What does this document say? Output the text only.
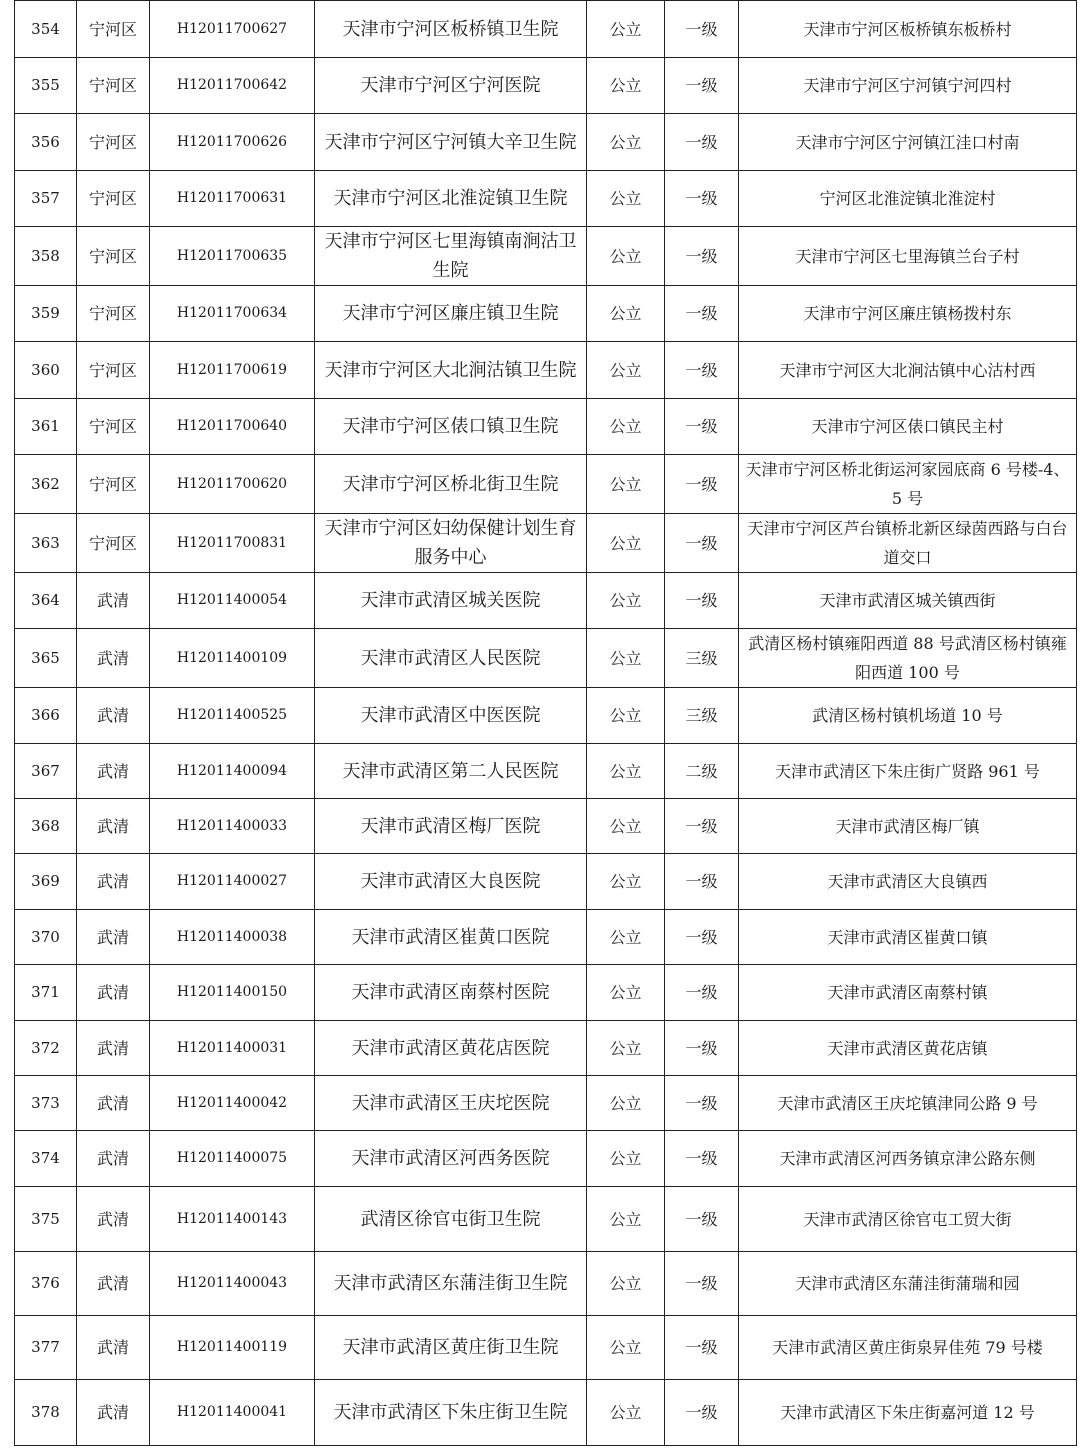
354	宁河区	H12011700627	天津市宁河区板桥镇卫生院	公立	一级	天津市宁河区板桥镇东板桥村
355	宁河区	H12011700642	天津市宁河区宁河医院	公立	一级	天津市宁河区宁河镇宁河四村
356	宁河区	H12011700626	天津市宁河区宁河镇大辛卫生院	公立	一级	天津市宁河区宁河镇江洼口村南
357	宁河区	H12011700631	天津市宁河区北淮淀镇卫生院	公立	一级	宁河区北淮淀镇北淮淀村
358	宁河区	H12011700635	天津市宁河区七里海镇南涧沽卫生院	公立	一级	天津市宁河区七里海镇兰台子村
359	宁河区	H12011700634	天津市宁河区廉庄镇卫生院	公立	一级	天津市宁河区廉庄镇杨拨村东
360	宁河区	H12011700619	天津市宁河区大北涧沽镇卫生院	公立	一级	天津市宁河区大北涧沽镇中心沽村西
361	宁河区	H12011700640	天津市宁河区俵口镇卫生院	公立	一级	天津市宁河区俵口镇民主村
362	宁河区	H12011700620	天津市宁河区桥北街卫生院	公立	一级	天津市宁河区桥北街运河家园底商 6 号楼-4、5 号
363	宁河区	H12011700831	天津市宁河区妇幼保健计划生育服务中心	公立	一级	天津市宁河区芦台镇桥北新区绿茵西路与白台道交口
364	武清	H12011400054	天津市武清区城关医院	公立	一级	天津市武清区城关镇西街
365	武清	H12011400109	天津市武清区人民医院	公立	三级	武清区杨村镇雍阳西道 88 号武清区杨村镇雍阳西道 100 号
366	武清	H12011400525	天津市武清区中医医院	公立	三级	武清区杨村镇机场道 10 号
367	武清	H12011400094	天津市武清区第二人民医院	公立	二级	天津市武清区下朱庄街广贤路 961 号
368	武清	H12011400033	天津市武清区梅厂医院	公立	一级	天津市武清区梅厂镇
369	武清	H12011400027	天津市武清区大良医院	公立	一级	天津市武清区大良镇西
370	武清	H12011400038	天津市武清区崔黄口医院	公立	一级	天津市武清区崔黄口镇
371	武清	H12011400150	天津市武清区南蔡村医院	公立	一级	天津市武清区南蔡村镇
372	武清	H12011400031	天津市武清区黄花店医院	公立	一级	天津市武清区黄花店镇
373	武清	H12011400042	天津市武清区王庆坨医院	公立	一级	天津市武清区王庆坨镇津同公路 9 号
374	武清	H12011400075	天津市武清区河西务医院	公立	一级	天津市武清区河西务镇京津公路东侧
375	武清	H12011400143	武清区徐官屯街卫生院	公立	一级	天津市武清区徐官屯工贸大街
376	武清	H12011400043	天津市武清区东蒲洼街卫生院	公立	一级	天津市武清区东蒲洼街蒲瑞和园
377	武清	H12011400119	天津市武清区黄庄街卫生院	公立	一级	天津市武清区黄庄街泉昇佳苑 79 号楼
378	武清	H12011400041	天津市武清区下朱庄街卫生院	公立	一级	天津市武清区下朱庄街嘉河道 12 号
